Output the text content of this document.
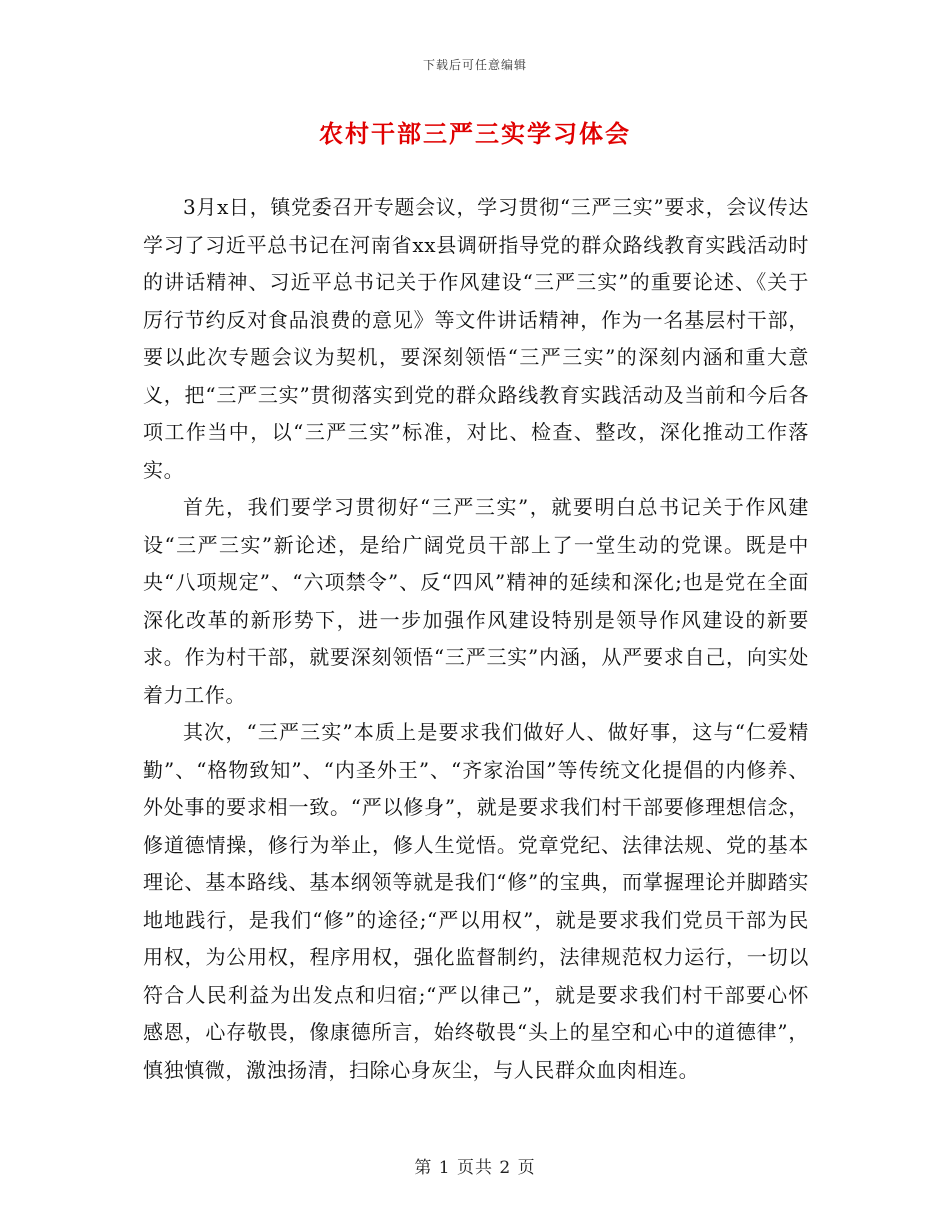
下载后可任意编辑
农村干部三严三实学习体会

3月x日，镇党委召开专题会议，学习贯彻“三严三实”要求，会议传达学习了习近平总书记在河南省xx县调研指导党的群众路线教育实践活动时的讲话精神、习近平总书记关于作风建设“三严三实”的重要论述、《关于厉行节约反对食品浪费的意见》等文件讲话精神，作为一名基层村干部，要以此次专题会议为契机，要深刻领悟“三严三实”的深刻内涵和重大意义，把“三严三实”贯彻落实到党的群众路线教育实践活动及当前和今后各项工作当中，以“三严三实”标准，对比、检查、整改，深化推动工作落实。

首先，我们要学习贯彻好“三严三实”，就要明白总书记关于作风建设“三严三实”新论述，是给广阔党员干部上了一堂生动的党课。既是中央“八项规定”、“六项禁令”、反“四风”精神的延续和深化;也是党在全面深化改革的新形势下，进一步加强作风建设特别是领导作风建设的新要求。作为村干部，就要深刻领悟“三严三实”内涵，从严要求自己，向实处着力工作。

其次，“三严三实”本质上是要求我们做好人、做好事，这与“仁爱精勤”、“格物致知”、“内圣外王”、“齐家治国”等传统文化提倡的内修养、外处事的要求相一致。“严以修身”，就是要求我们村干部要修理想信念，修道德情操，修行为举止，修人生觉悟。党章党纪、法律法规、党的基本理论、基本路线、基本纲领等就是我们“修”的宝典，而掌握理论并脚踏实地地践行，是我们“修”的途径;“严以用权”，就是要求我们党员干部为民用权，为公用权，程序用权，强化监督制约，法律规范权力运行，一切以符合人民利益为出发点和归宿;“严以律己”，就是要求我们村干部要心怀感恩，心存敬畏，像康德所言，始终敬畏“头上的星空和心中的道德律”，慎独慎微，激浊扬清，扫除心身灰尘，与人民群众血肉相连。

第 1 页共 2 页
